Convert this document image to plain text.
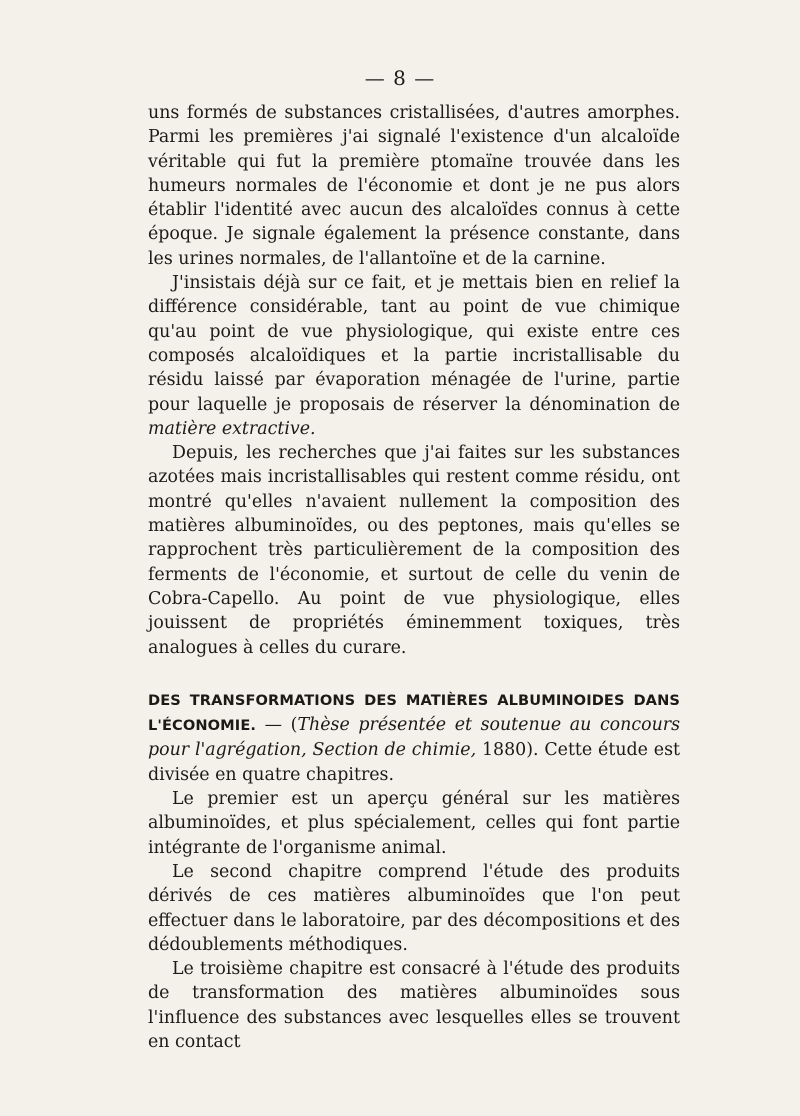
— 8 —

uns formés de substances cristallisées, d'autres amorphes. Parmi les premières j'ai signalé l'existence d'un alcaloïde véritable qui fut la première ptomaïne trouvée dans les humeurs normales de l'économie et dont je ne pus alors établir l'identité avec aucun des alcaloïdes connus à cette époque. Je signale également la présence constante, dans les urines normales, de l'allantoïne et de la carnine.

J'insistais déjà sur ce fait, et je mettais bien en relief la différence considérable, tant au point de vue chimique qu'au point de vue physiologique, qui existe entre ces composés alcaloïdiques et la partie incristallisable du résidu laissé par évaporation ménagée de l'urine, partie pour laquelle je proposais de réserver la dénomination de matière extractive.

Depuis, les recherches que j'ai faites sur les substances azotées mais incristallisables qui restent comme résidu, ont montré qu'elles n'avaient nullement la composition des matières albuminoïdes, ou des peptones, mais qu'elles se rapprochent très particulièrement de la composition des ferments de l'économie, et surtout de celle du venin de Cobra-Capello. Au point de vue physiologique, elles jouissent de propriétés éminemment toxiques, très analogues à celles du curare.

DES TRANSFORMATIONS DES MATIÈRES ALBUMINOIDES DANS L'ÉCONOMIE. — (Thèse présentée et soutenue au concours pour l'agrégation, Section de chimie, 1880). Cette étude est divisée en quatre chapitres.

Le premier est un aperçu général sur les matières albuminoïdes, et plus spécialement, celles qui font partie intégrante de l'organisme animal.

Le second chapitre comprend l'étude des produits dérivés de ces matières albuminoïdes que l'on peut effectuer dans le laboratoire, par des décompositions et des dédoublements méthodiques.

Le troisième chapitre est consacré à l'étude des produits de transformation des matières albuminoïdes sous l'influence des substances avec lesquelles elles se trouvent en contact
